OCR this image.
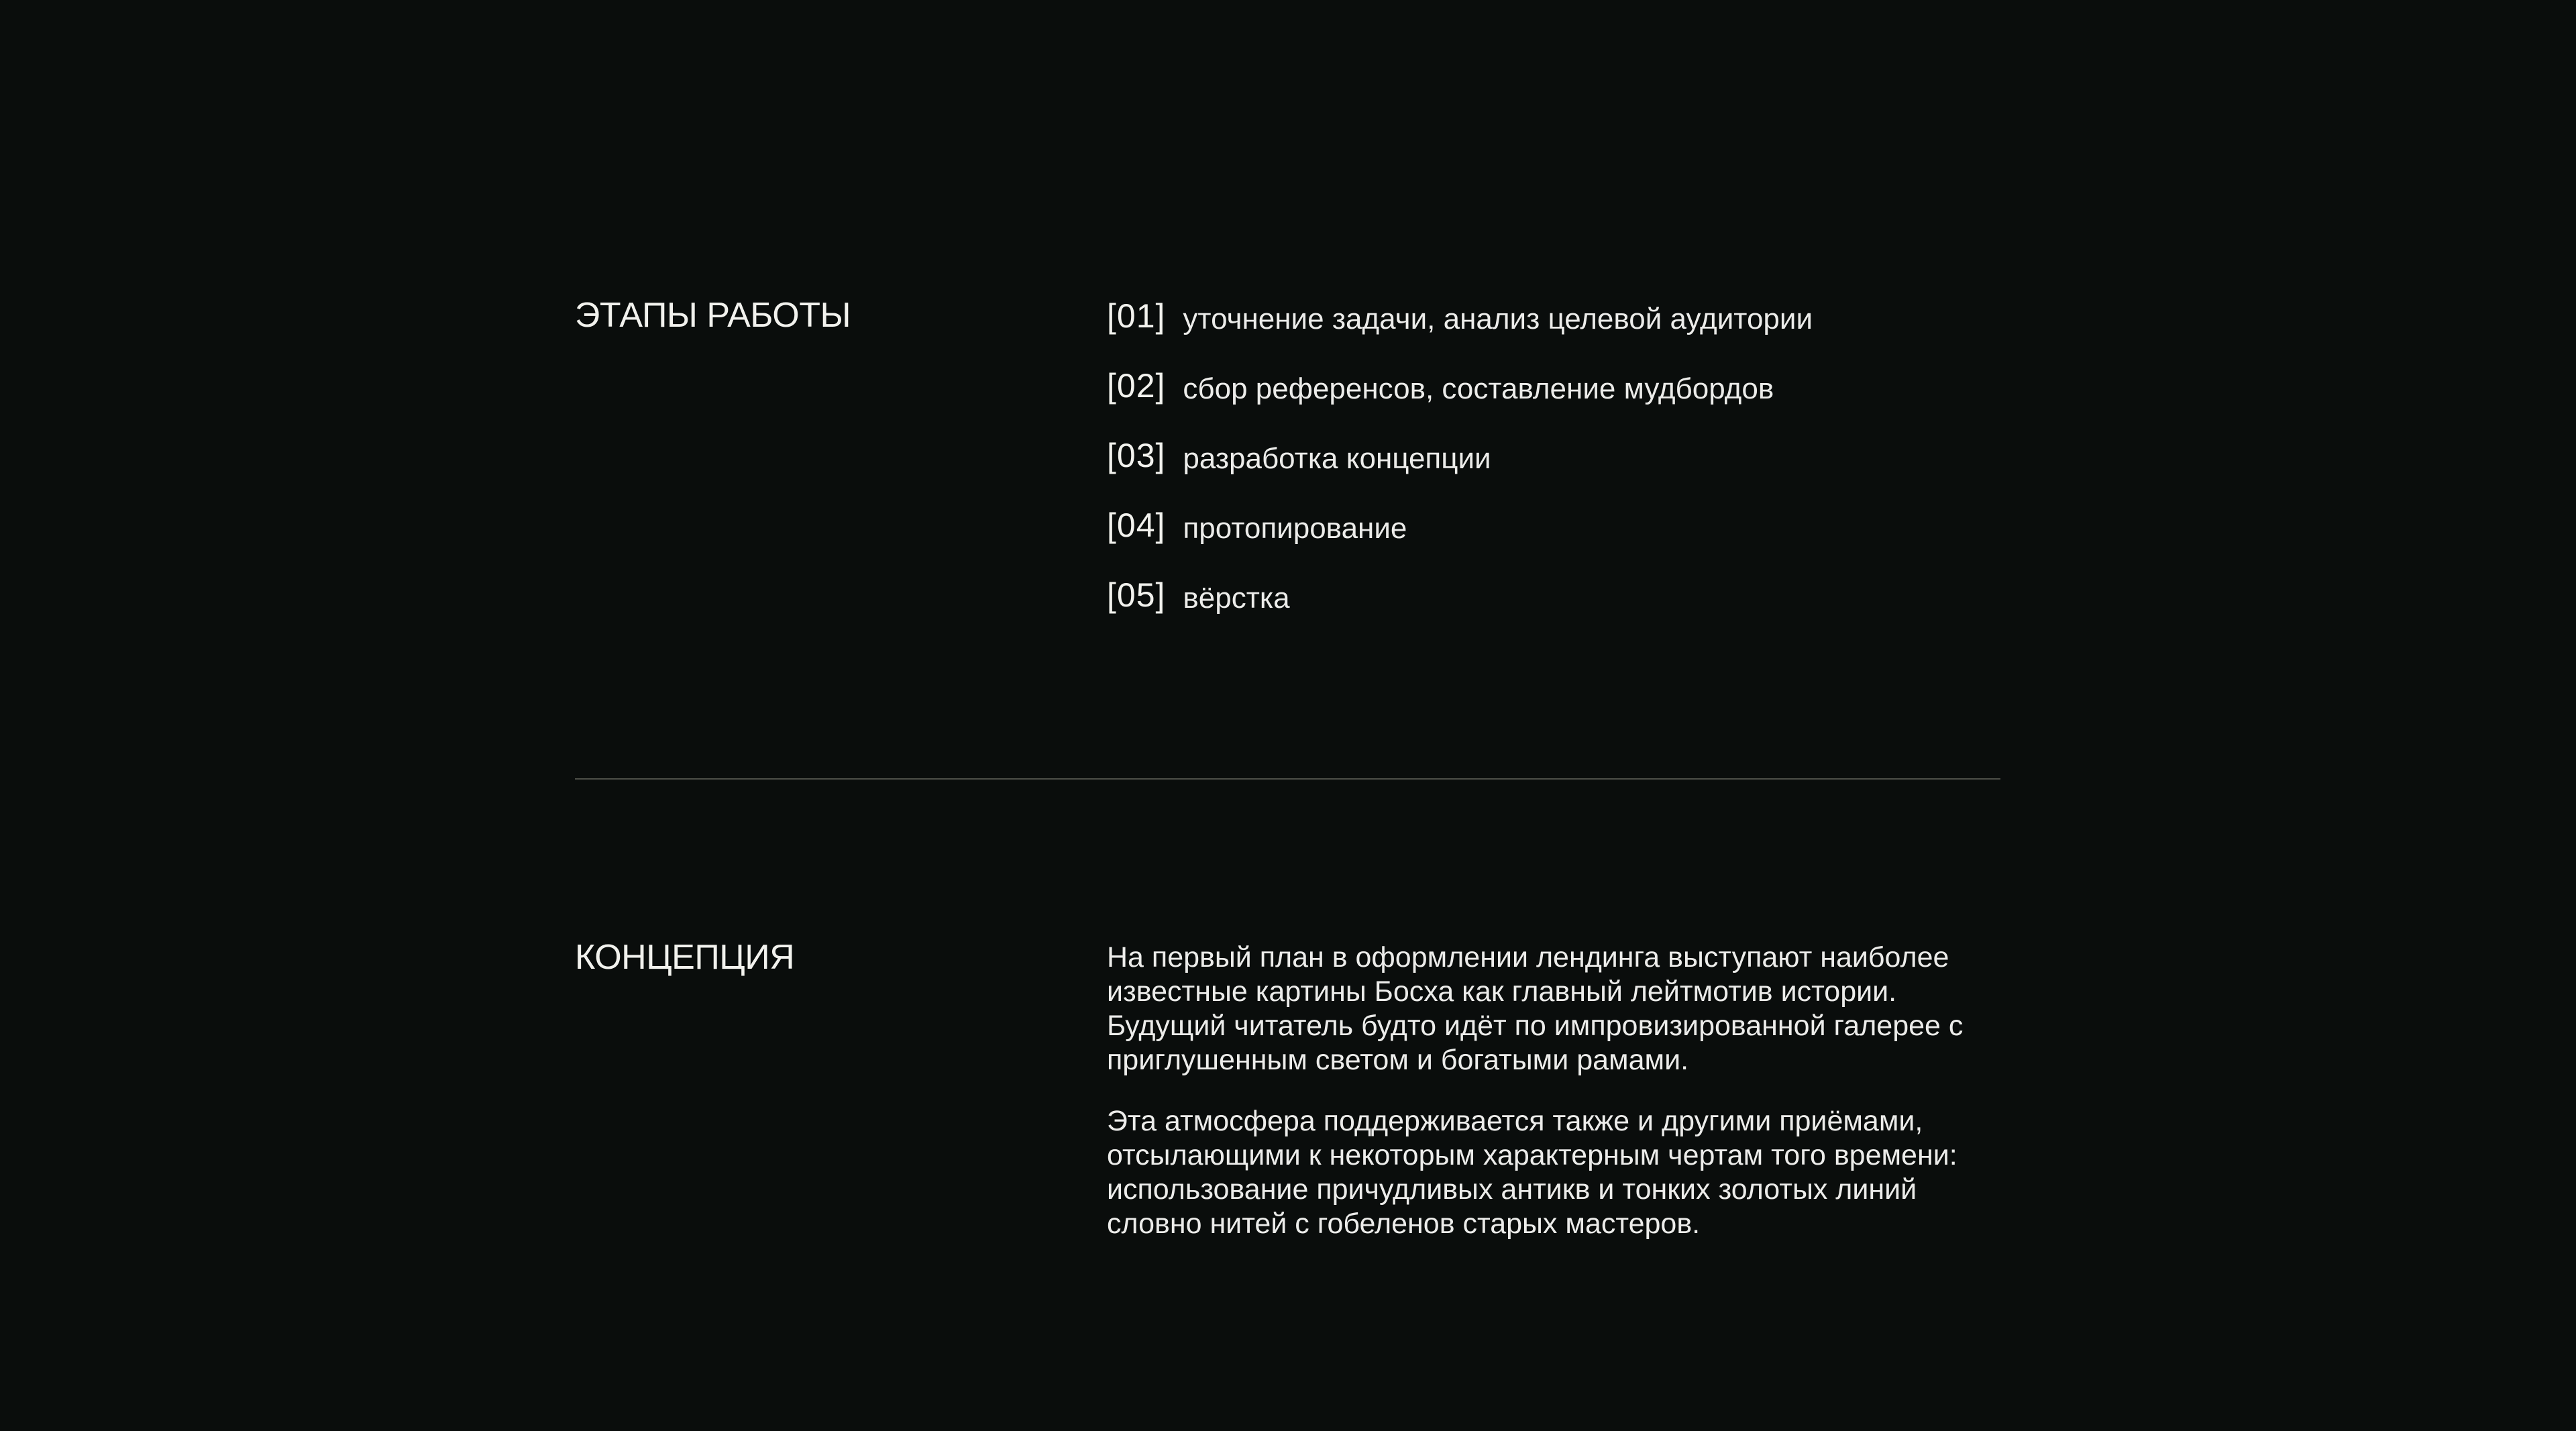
ЭТАПЫ РАБОТЫ	[01] уточнение задачи, анализ целевой аудитории
[02] сбор референсов, составление мудбордов
[03] разработка концепции
[04] протопирование
[05] вёрстка
КОНЦЕПЦИЯ	На первый план в оформлении лендинга выступают наиболее известные картины Босха как главный лейтмотив истории. Будущий читатель будто идёт по импровизированной галерее с приглушенным светом и богатыми рамами.

Эта атмосфера поддерживается также и другими приёмами, отсылающими к некоторым характерным чертам того времени: использование причудливых антикв и тонких золотых линий словно нитей с гобеленов старых мастеров.
